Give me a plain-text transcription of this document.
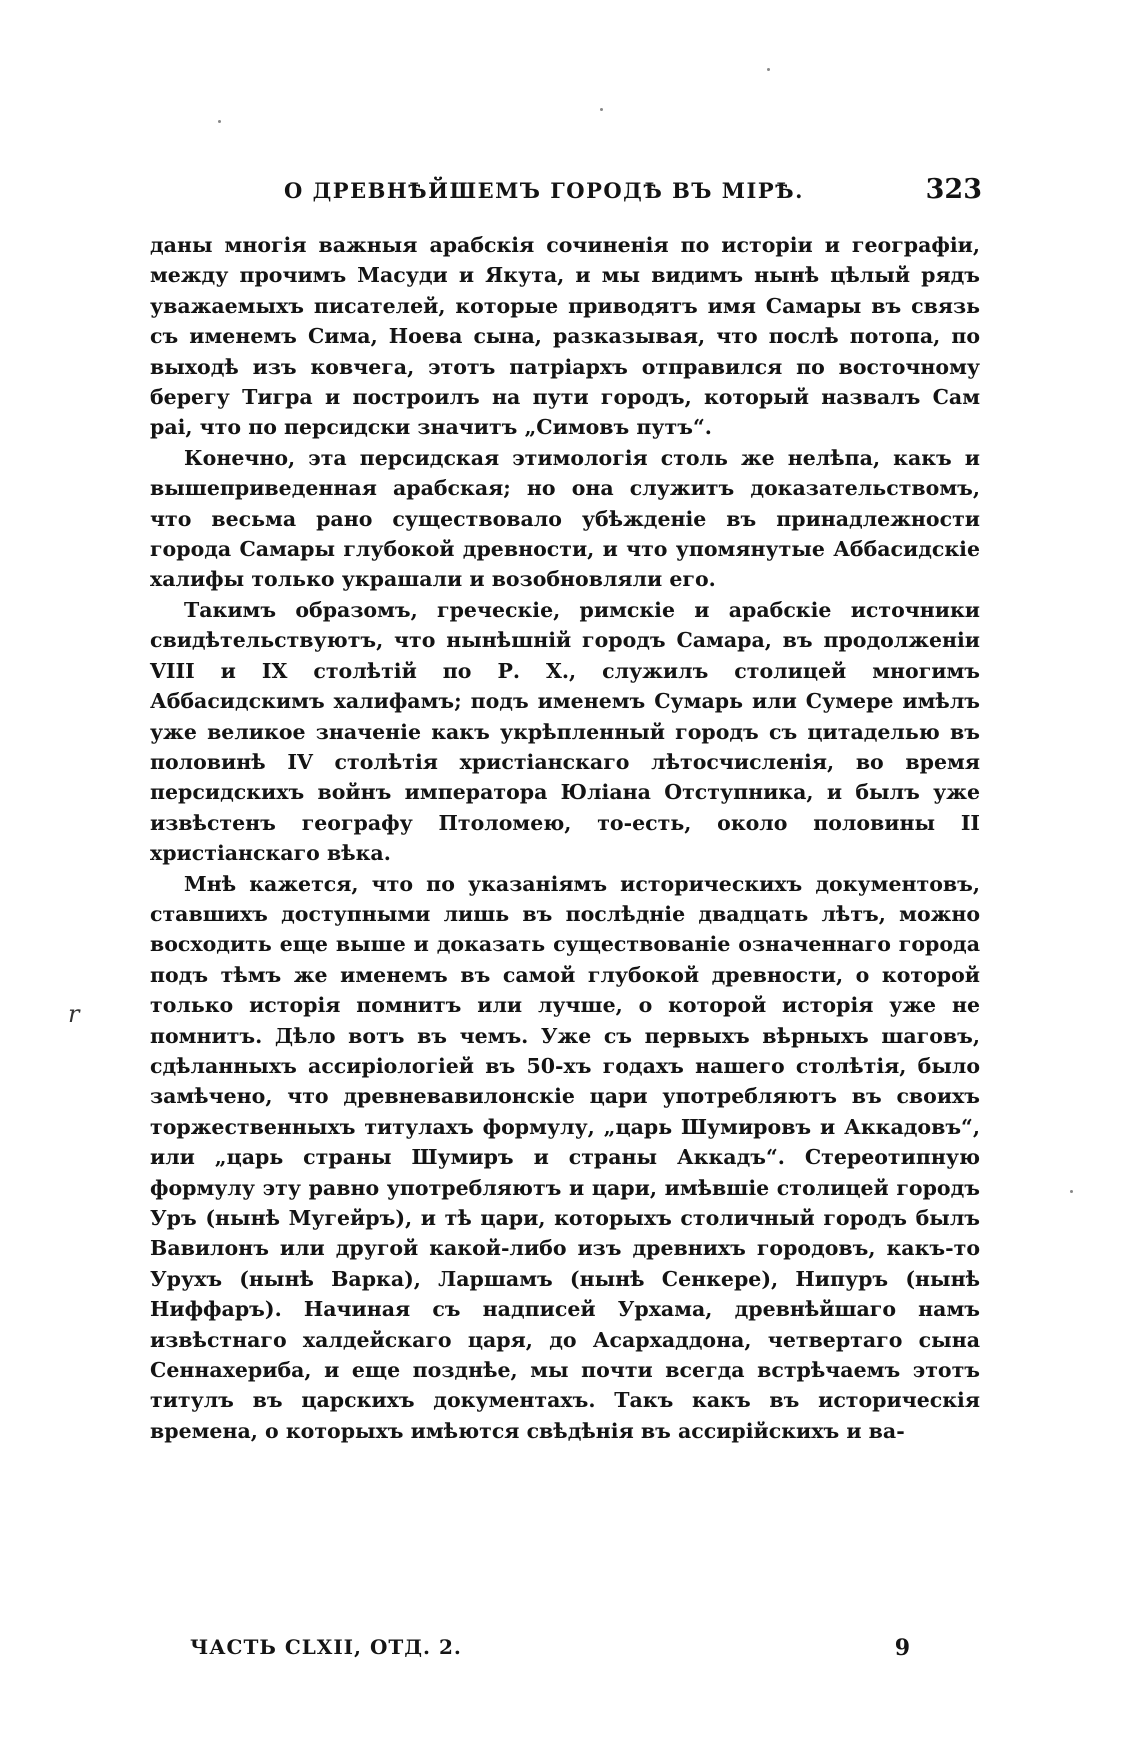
О ДРЕВНѢЙШЕМЪ ГОРОДѢ ВЪ МІРѢ.	323

даны многія важныя арабскія сочиненія по исторіи и географіи, между прочимъ Масуди и Якута, и мы видимъ нынѣ цѣлый рядъ уважаемыхъ писателей, которые приводятъ имя Самары въ связь съ именемъ Сима, Ноева сына, разказывая, что послѣ потопа, по выходѣ изъ ковчега, этотъ патріархъ отправился по восточному берегу Тигра и построилъ на пути городъ, который назвалъ Сам раі, что по персидски значитъ „Симовъ путъ“.

Конечно, эта персидская этимологія столь же нелѣпа, какъ и вышеприведенная арабская; но она служитъ доказательствомъ, что весьма рано существовало убѣжденіе въ принадлежности города Самары глубокой древности, и что упомянутые Аббасидскіе халифы только украшали и возобновляли его.

Такимъ образомъ, греческіе, римскіе и арабскіе источники свидѣтельствуютъ, что нынѣшній городъ Самара, въ продолженіи VIII и IX столѣтій по Р. Х., служилъ столицей многимъ Аббасидскимъ халифамъ; подъ именемъ Сумарь или Сумере имѣлъ уже великое значеніе какъ укрѣпленный городъ съ цитаделью въ половинѣ IV столѣтія христіанскаго лѣтосчисленія, во время персидскихъ войнъ императора Юліана Отступника, и былъ уже извѣстенъ географу Птоломею, то-есть, около половины II христіанскаго вѣка.

Мнѣ кажется, что по указаніямъ историческихъ документовъ, ставшихъ доступными лишь въ послѣдніе двадцать лѣтъ, можно восходить еще выше и доказать существованіе означеннаго города подъ тѣмъ же именемъ въ самой глубокой древности, о которой только исторія помнитъ или лучше, о которой исторія уже не помнитъ. Дѣло вотъ въ чемъ. Уже съ первыхъ вѣрныхъ шаговъ, сдѣланныхъ ассиріологіей въ 50-хъ годахъ нашего столѣтія, было замѣчено, что древневавилонскіе цари употребляютъ въ своихъ торжественныхъ титулахъ формулу, „царь Шумировъ и Аккадовъ“, или „царь страны Шумиръ и страны Аккадъ“. Стереотипную формулу эту равно употребляютъ и цари, имѣвшіе столицей городъ Уръ (нынѣ Мугейръ), и тѣ цари, которыхъ столичный городъ былъ Вавилонъ или другой какой-либо изъ древнихъ городовъ, какъ-то Урухъ (нынѣ Варка), Ларшамъ (нынѣ Сенкере), Нипуръ (нынѣ Ниффаръ). Начиная съ надписей Урхама, древнѣйшаго намъ извѣстнаго халдейскаго царя, до Асархаддона, четвертаго сына Сеннахериба, и еще позднѣе, мы почти всегда встрѣчаемъ этотъ титулъ въ царскихъ документахъ. Такъ какъ въ историческія времена, о которыхъ имѣются свѣдѣнія въ ассирійскихъ и ва-

r
ЧАСТЬ CLXII, ОТД. 2.	9
